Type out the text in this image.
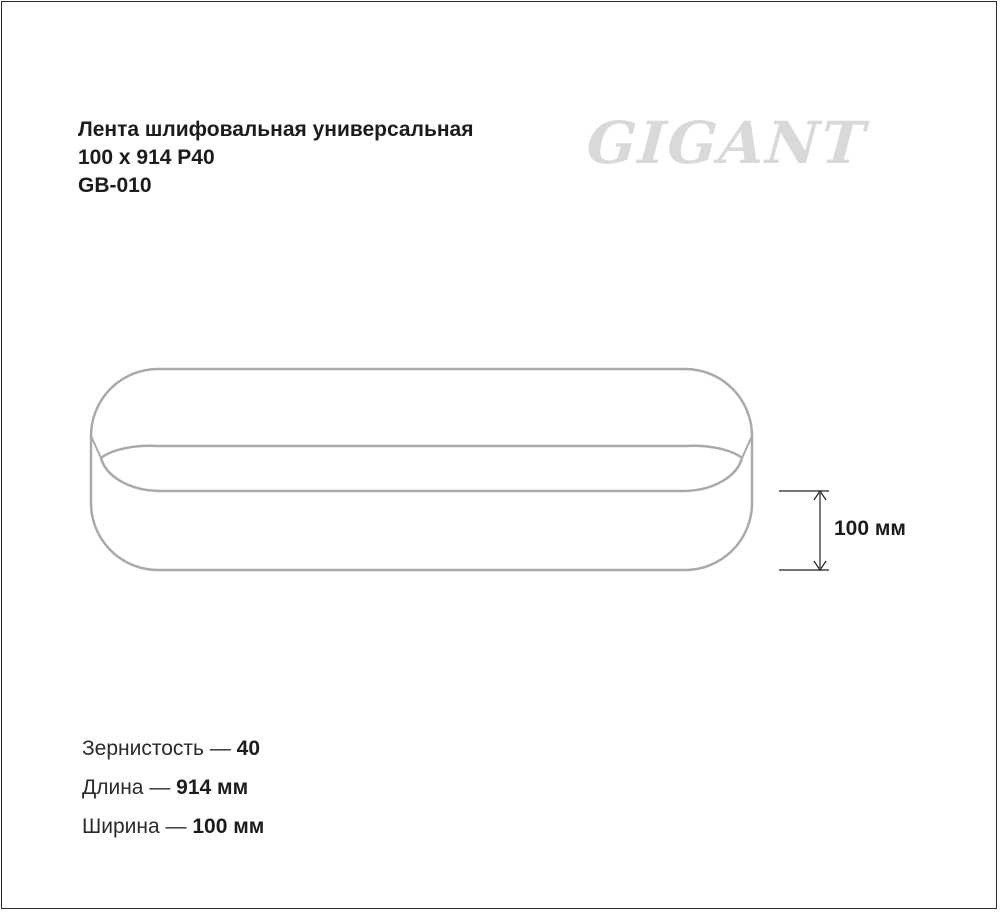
Лента шлифовальная универсальная
100 x 914 P40
GB-010
GIGANT
100 мм
Зернистость — 40
Длина — 914 мм
Ширина — 100 мм
